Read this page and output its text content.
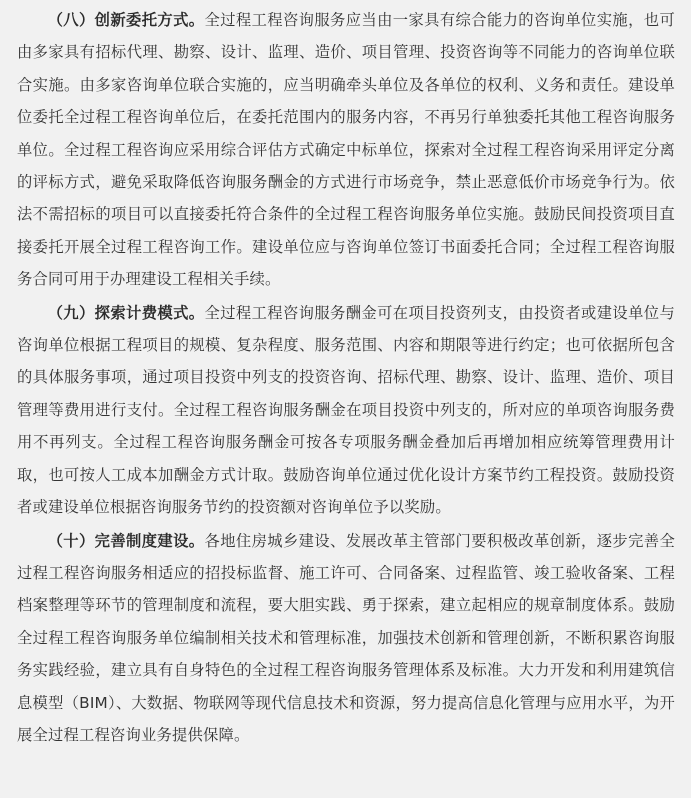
（八）创新委托方式。全过程工程咨询服务应当由一家具有综合能力的咨询单位实施，也可由多家具有招标代理、勘察、设计、监理、造价、项目管理、投资咨询等不同能力的咨询单位联合实施。由多家咨询单位联合实施的，应当明确牵头单位及各单位的权利、义务和责任。建设单位委托全过程工程咨询单位后，在委托范围内的服务内容，不再另行单独委托其他工程咨询服务单位。全过程工程咨询应采用综合评估方式确定中标单位，探索对全过程工程咨询采用评定分离的评标方式，避免采取降低咨询服务酬金的方式进行市场竞争，禁止恶意低价市场竞争行为。依法不需招标的项目可以直接委托符合条件的全过程工程咨询服务单位实施。鼓励民间投资项目直接委托开展全过程工程咨询工作。建设单位应与咨询单位签订书面委托合同；全过程工程咨询服务合同可用于办理建设工程相关手续。

（九）探索计费模式。全过程工程咨询服务酬金可在项目投资列支，由投资者或建设单位与咨询单位根据工程项目的规模、复杂程度、服务范围、内容和期限等进行约定；也可依据所包含的具体服务事项，通过项目投资中列支的投资咨询、招标代理、勘察、设计、监理、造价、项目管理等费用进行支付。全过程工程咨询服务酬金在项目投资中列支的，所对应的单项咨询服务费用不再列支。全过程工程咨询服务酬金可按各专项服务酬金叠加后再增加相应统筹管理费用计取，也可按人工成本加酬金方式计取。鼓励咨询单位通过优化设计方案节约工程投资。鼓励投资者或建设单位根据咨询服务节约的投资额对咨询单位予以奖励。

（十）完善制度建设。各地住房城乡建设、发展改革主管部门要积极改革创新，逐步完善全过程工程咨询服务相适应的招投标监督、施工许可、合同备案、过程监管、竣工验收备案、工程档案整理等环节的管理制度和流程，要大胆实践、勇于探索，建立起相应的规章制度体系。鼓励全过程工程咨询服务单位编制相关技术和管理标准，加强技术创新和管理创新，不断积累咨询服务实践经验，建立具有自身特色的全过程工程咨询服务管理体系及标准。大力开发和利用建筑信息模型（BIM）、大数据、物联网等现代信息技术和资源，努力提高信息化管理与应用水平，为开展全过程工程咨询业务提供保障。
